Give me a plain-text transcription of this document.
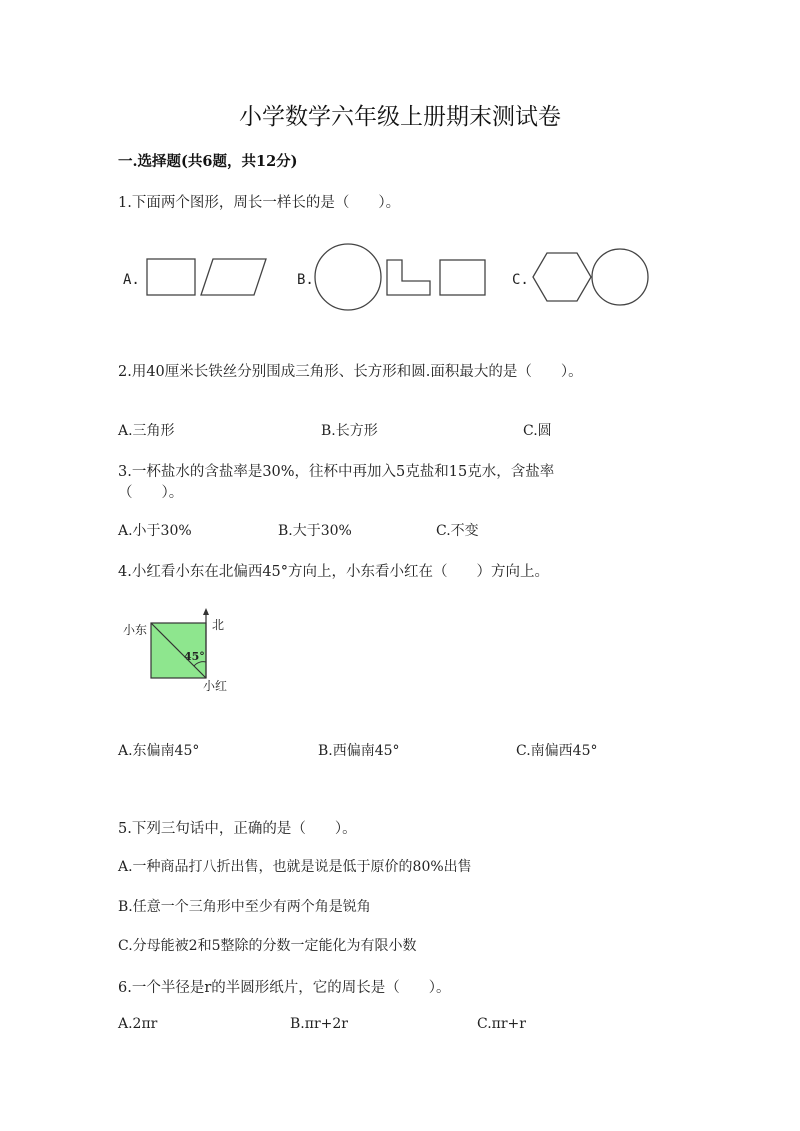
小学数学六年级上册期末测试卷
一.选择题(共6题，共12分)
1.下面两个图形，周长一样长的是（　　）。
A.	B.	C.
2.用40厘米长铁丝分别围成三角形、长方形和圆.面积最大的是（　　）。
A.三角形	B.长方形	C.圆
3.一杯盐水的含盐率是30%，往杯中再加入5克盐和15克水，含盐率
（　　）。
A.小于30%	B.大于30%	C.不变
4.小红看小东在北偏西45°方向上，小东看小红在（　　）方向上。
小东	北
45°
小红
A.东偏南45°	B.西偏南45°	C.南偏西45°
5.下列三句话中，正确的是（　　）。
A.一种商品打八折出售，也就是说是低于原价的80%出售
B.任意一个三角形中至少有两个角是锐角
C.分母能被2和5整除的分数一定能化为有限小数
6.一个半径是r的半圆形纸片，它的周长是（　　）。
A.2πr	B.πr+2r	C.πr+r
